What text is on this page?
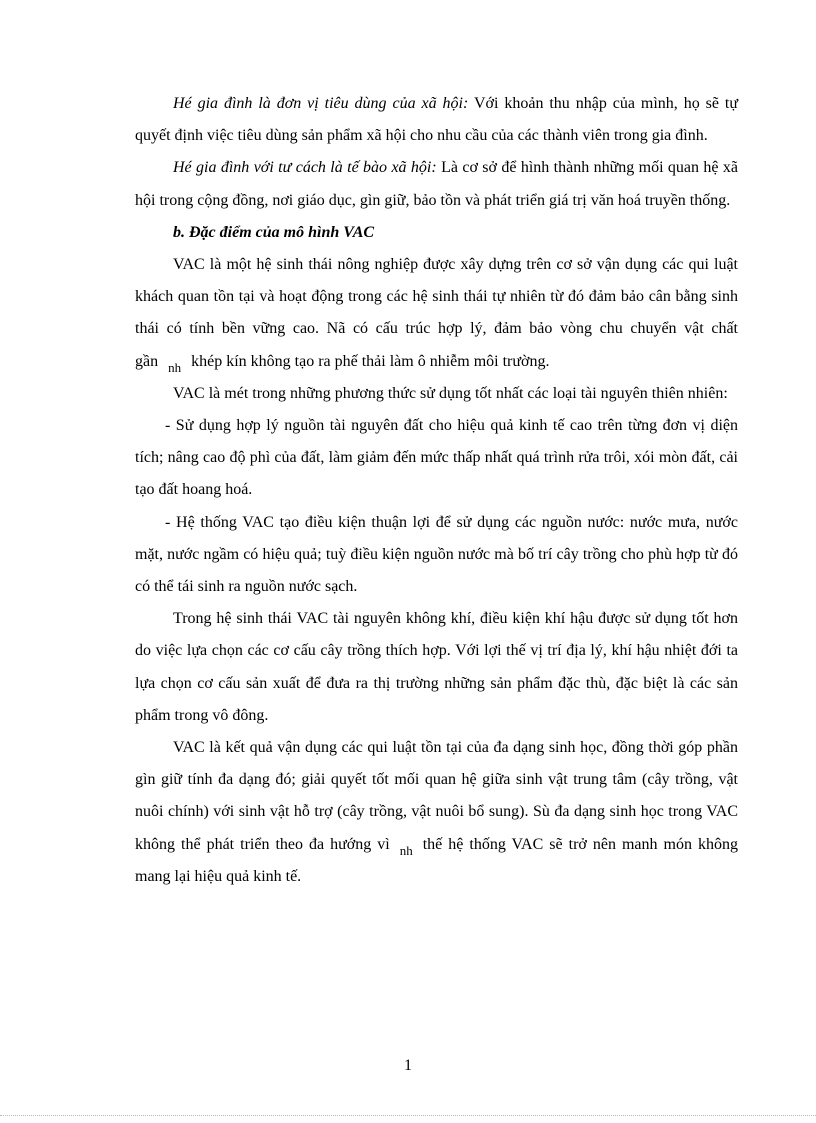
Hé gia đình là đơn vị tiêu dùng của xã hội: Với khoản thu nhập của mình, họ sẽ tự quyết định việc tiêu dùng sản phẩm xã hội cho nhu cầu của các thành viên trong gia đình.

Hé gia đình với tư cách là tế bào xã hội: Là cơ sở để hình thành những mối quan hệ xã hội trong cộng đồng, nơi giáo dục, gìn giữ, bảo tồn và phát triển giá trị văn hoá truyền thống.

b. Đặc điểm của mô hình VAC

VAC là một hệ sinh thái nông nghiệp được xây dựng trên cơ sở vận dụng các qui luật khách quan tồn tại và hoạt động trong các hệ sinh thái tự nhiên từ đó đảm bảo cân bằng sinh thái có tính bền vững cao. Nã có cấu trúc hợp lý, đảm bảo vòng chu chuyển vật chất gần $_{nh}$ khép kín không tạo ra phế thải làm ô nhiễm môi trường.

VAC là mét trong những phương thức sử dụng tốt nhất các loại tài nguyên thiên nhiên:

- Sử dụng hợp lý nguồn tài nguyên đất cho hiệu quả kinh tế cao trên từng đơn vị diện tích; nâng cao độ phì của đất, làm giảm đến mức thấp nhất quá trình rửa trôi, xói mòn đất, cải tạo đất hoang hoá.

- Hệ thống VAC tạo điều kiện thuận lợi để sử dụng các nguồn nước: nước mưa, nước mặt, nước ngầm có hiệu quả; tuỳ điều kiện nguồn nước mà bố trí cây trồng cho phù hợp từ đó có thể tái sinh ra nguồn nước sạch.

Trong hệ sinh thái VAC tài nguyên không khí, điều kiện khí hậu được sử dụng tốt hơn do việc lựa chọn các cơ cấu cây trồng thích hợp. Với lợi thế vị trí địa lý, khí hậu nhiệt đới ta lựa chọn cơ cấu sản xuất để đưa ra thị trường những sản phẩm đặc thù, đặc biệt là các sản phẩm trong vô đông.

VAC là kết quả vận dụng các qui luật tồn tại của đa dạng sinh học, đồng thời góp phần gìn giữ tính đa dạng đó; giải quyết tốt mối quan hệ giữa sinh vật trung tâm (cây trồng, vật nuôi chính) với sinh vật hỗ trợ (cây trồng, vật nuôi bổ sung). Sù đa dạng sinh học trong VAC không thể phát triển theo đa hướng vì $_{nh}$ thế hệ thống VAC sẽ trở nên manh món không mang lại hiệu quả kinh tế.

1
